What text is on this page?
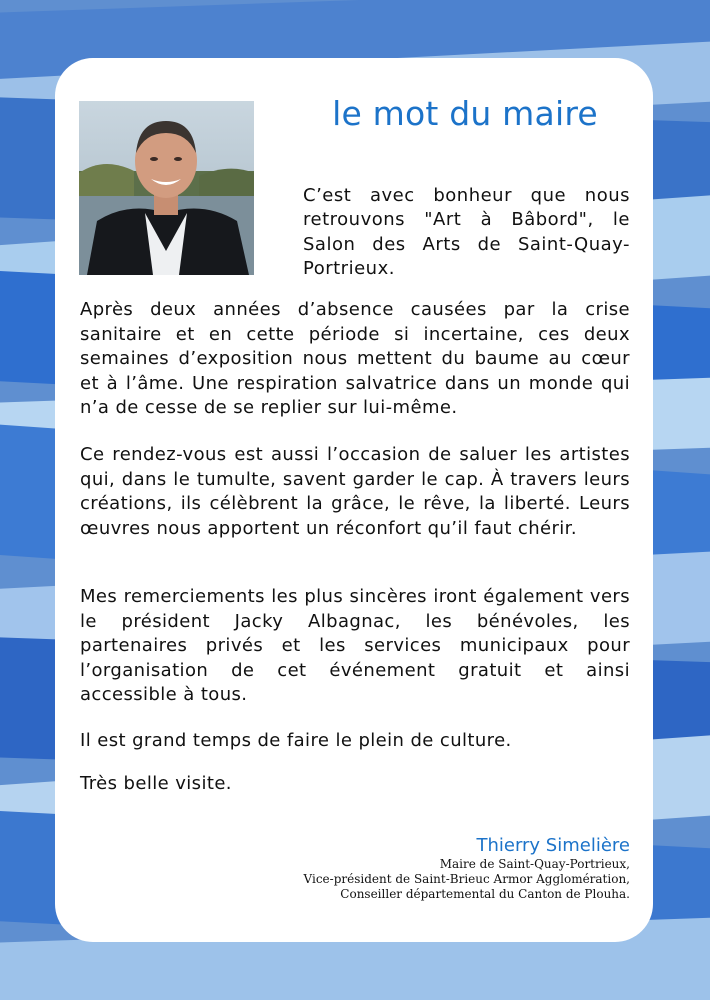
le mot du maire
C’est avec bonheur que nous retrouvons "Art à Bâbord", le Salon des Arts de Saint-Quay-Portrieux.
Après deux années d’absence causées par la crise sanitaire et en cette période si incertaine, ces deux semaines d’exposition nous mettent du baume au cœur et à l’âme. Une respiration salvatrice dans un monde qui n’a de cesse de se replier sur lui-même.
Ce rendez-vous est aussi l’occasion de saluer les artistes qui, dans le tumulte, savent garder le cap. À travers leurs créations, ils célèbrent la grâce, le rêve, la liberté. Leurs œuvres nous apportent un réconfort qu’il faut chérir.
Mes remerciements les plus sincères iront également vers le président Jacky Albagnac, les bénévoles, les partenaires privés et les services municipaux pour l’organisation de cet événement gratuit et ainsi accessible à tous.
Il est grand temps de faire le plein de culture.
Très belle visite.
Thierry Simelière
Maire de Saint-Quay-Portrieux,
Vice-président de Saint-Brieuc Armor Agglomération,
Conseiller départemental du Canton de Plouha.
